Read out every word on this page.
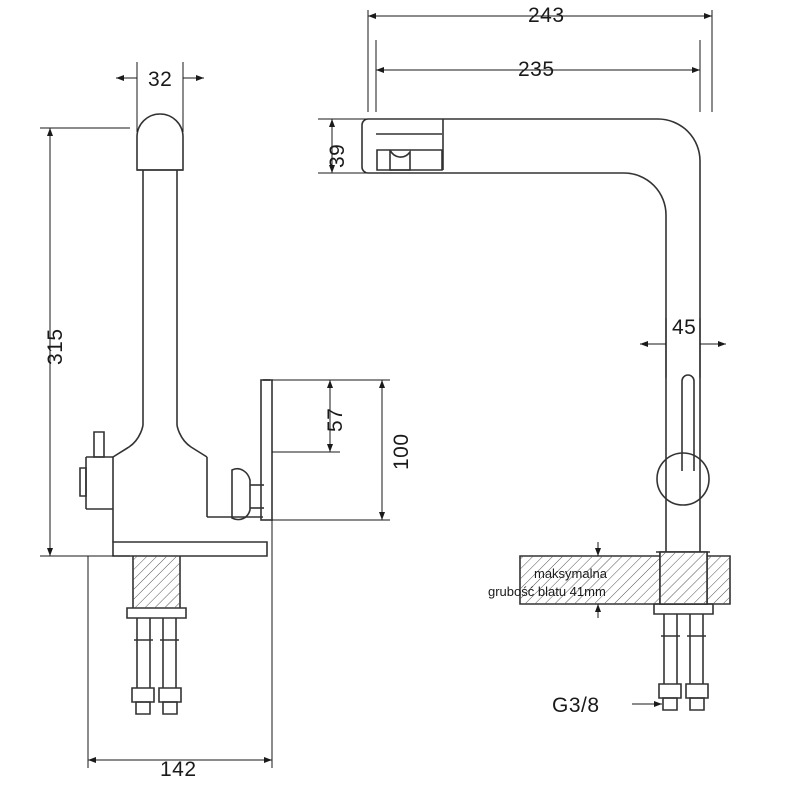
243
235
39
45
32
315
142
57
100
G3/8
maksymalna
grubość blatu 41mm
